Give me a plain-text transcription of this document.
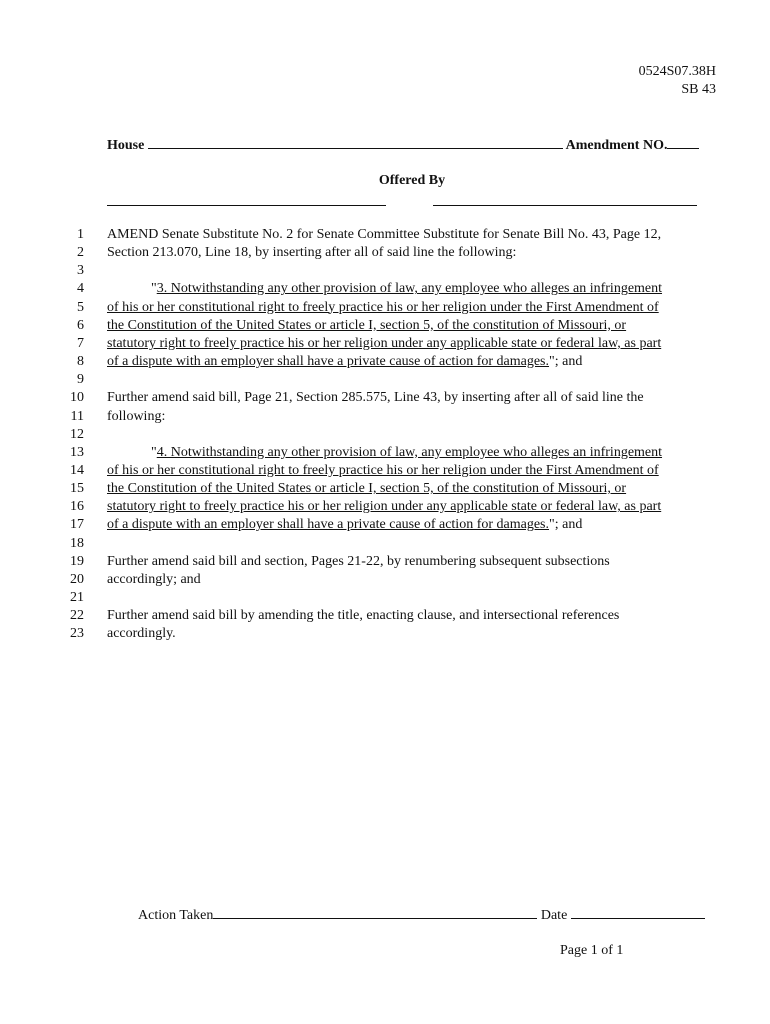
0524S07.38H
SB 43
House	Amendment NO.
Offered By
1 AMEND Senate Substitute No. 2 for Senate Committee Substitute for Senate Bill No. 43, Page 12,
2 Section 213.070, Line 18, by inserting after all of said line the following:
3
4	"3. Notwithstanding any other provision of law, any employee who alleges an infringement
5 of his or her constitutional right to freely practice his or her religion under the First Amendment of
6 the Constitution of the United States or article I, section 5, of the constitution of Missouri, or
7 statutory right to freely practice his or her religion under any applicable state or federal law, as part
8 of a dispute with an employer shall have a private cause of action for damages."; and
9
10 Further amend said bill, Page 21, Section 285.575, Line 43, by inserting after all of said line the
11 following:
12
13	"4. Notwithstanding any other provision of law, any employee who alleges an infringement
14 of his or her constitutional right to freely practice his or her religion under the First Amendment of
15 the Constitution of the United States or article I, section 5, of the constitution of Missouri, or
16 statutory right to freely practice his or her religion under any applicable state or federal law, as part
17 of a dispute with an employer shall have a private cause of action for damages."; and
18
19 Further amend said bill and section, Pages 21-22, by renumbering subsequent subsections
20 accordingly; and
21
22 Further amend said bill by amending the title, enacting clause, and intersectional references
23 accordingly.
Action Taken	Date
Page 1 of 1
